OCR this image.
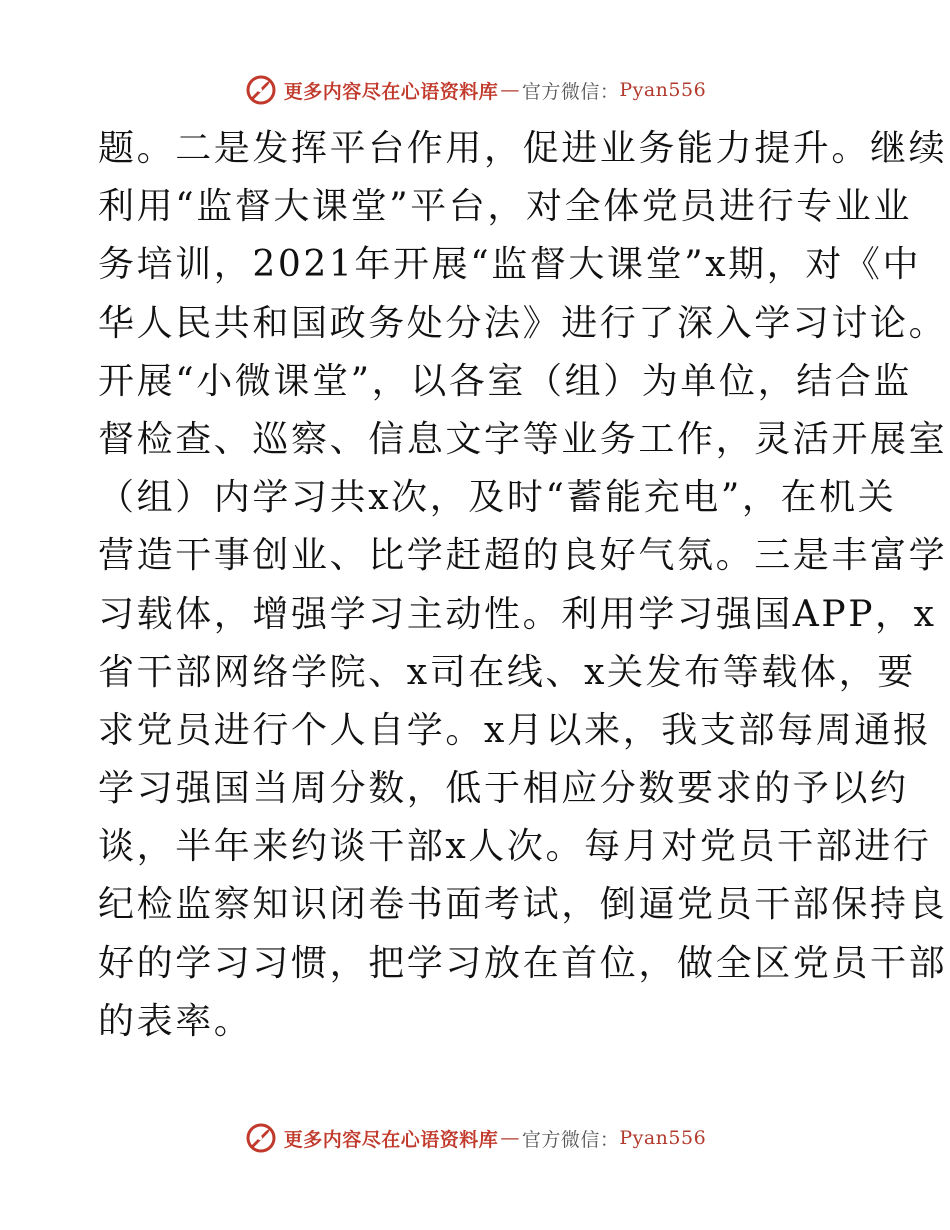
更多内容尽在心语资料库 — 官方微信： Pyan556
题。二是发挥平台作用，促进业务能力提升。继续
利用“监督大课堂”平台，对全体党员进行专业业
务培训，2021年开展“监督大课堂”x期，对《中
华人民共和国政务处分法》进行了深入学习讨论。
开展“小微课堂”，以各室（组）为单位，结合监
督检查、巡察、信息文字等业务工作，灵活开展室
（组）内学习共x次，及时“蓄能充电”，在机关
营造干事创业、比学赶超的良好气氛。三是丰富学
习载体，增强学习主动性。利用学习强国APP，x
省干部网络学院、x司在线、x关发布等载体，要
求党员进行个人自学。x月以来，我支部每周通报
学习强国当周分数，低于相应分数要求的予以约
谈，半年来约谈干部x人次。每月对党员干部进行
纪检监察知识闭卷书面考试，倒逼党员干部保持良
好的学习习惯，把学习放在首位，做全区党员干部
的表率。
更多内容尽在心语资料库 — 官方微信： Pyan556
